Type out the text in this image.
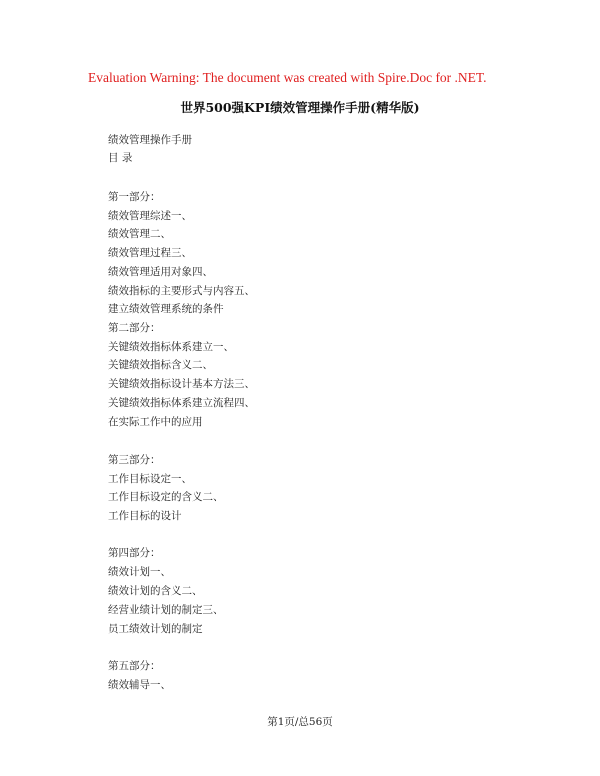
Evaluation Warning: The document was created with Spire.Doc for .NET.
世界500强KPI绩效管理操作手册(精华版)
绩效管理操作手册
目 录
第一部分：
绩效管理综述一、
绩效管理二、
绩效管理过程三、
绩效管理适用对象四、
绩效指标的主要形式与内容五、
建立绩效管理系统的条件
第二部分：
关键绩效指标体系建立一、
关键绩效指标含义二、
关键绩效指标设计基本方法三、
关键绩效指标体系建立流程四、
在实际工作中的应用
第三部分：
工作目标设定一、
工作目标设定的含义二、
工作目标的设计
第四部分：
绩效计划一、
绩效计划的含义二、
经营业绩计划的制定三、
员工绩效计划的制定
第五部分：
绩效辅导一、
第1页/总56页
